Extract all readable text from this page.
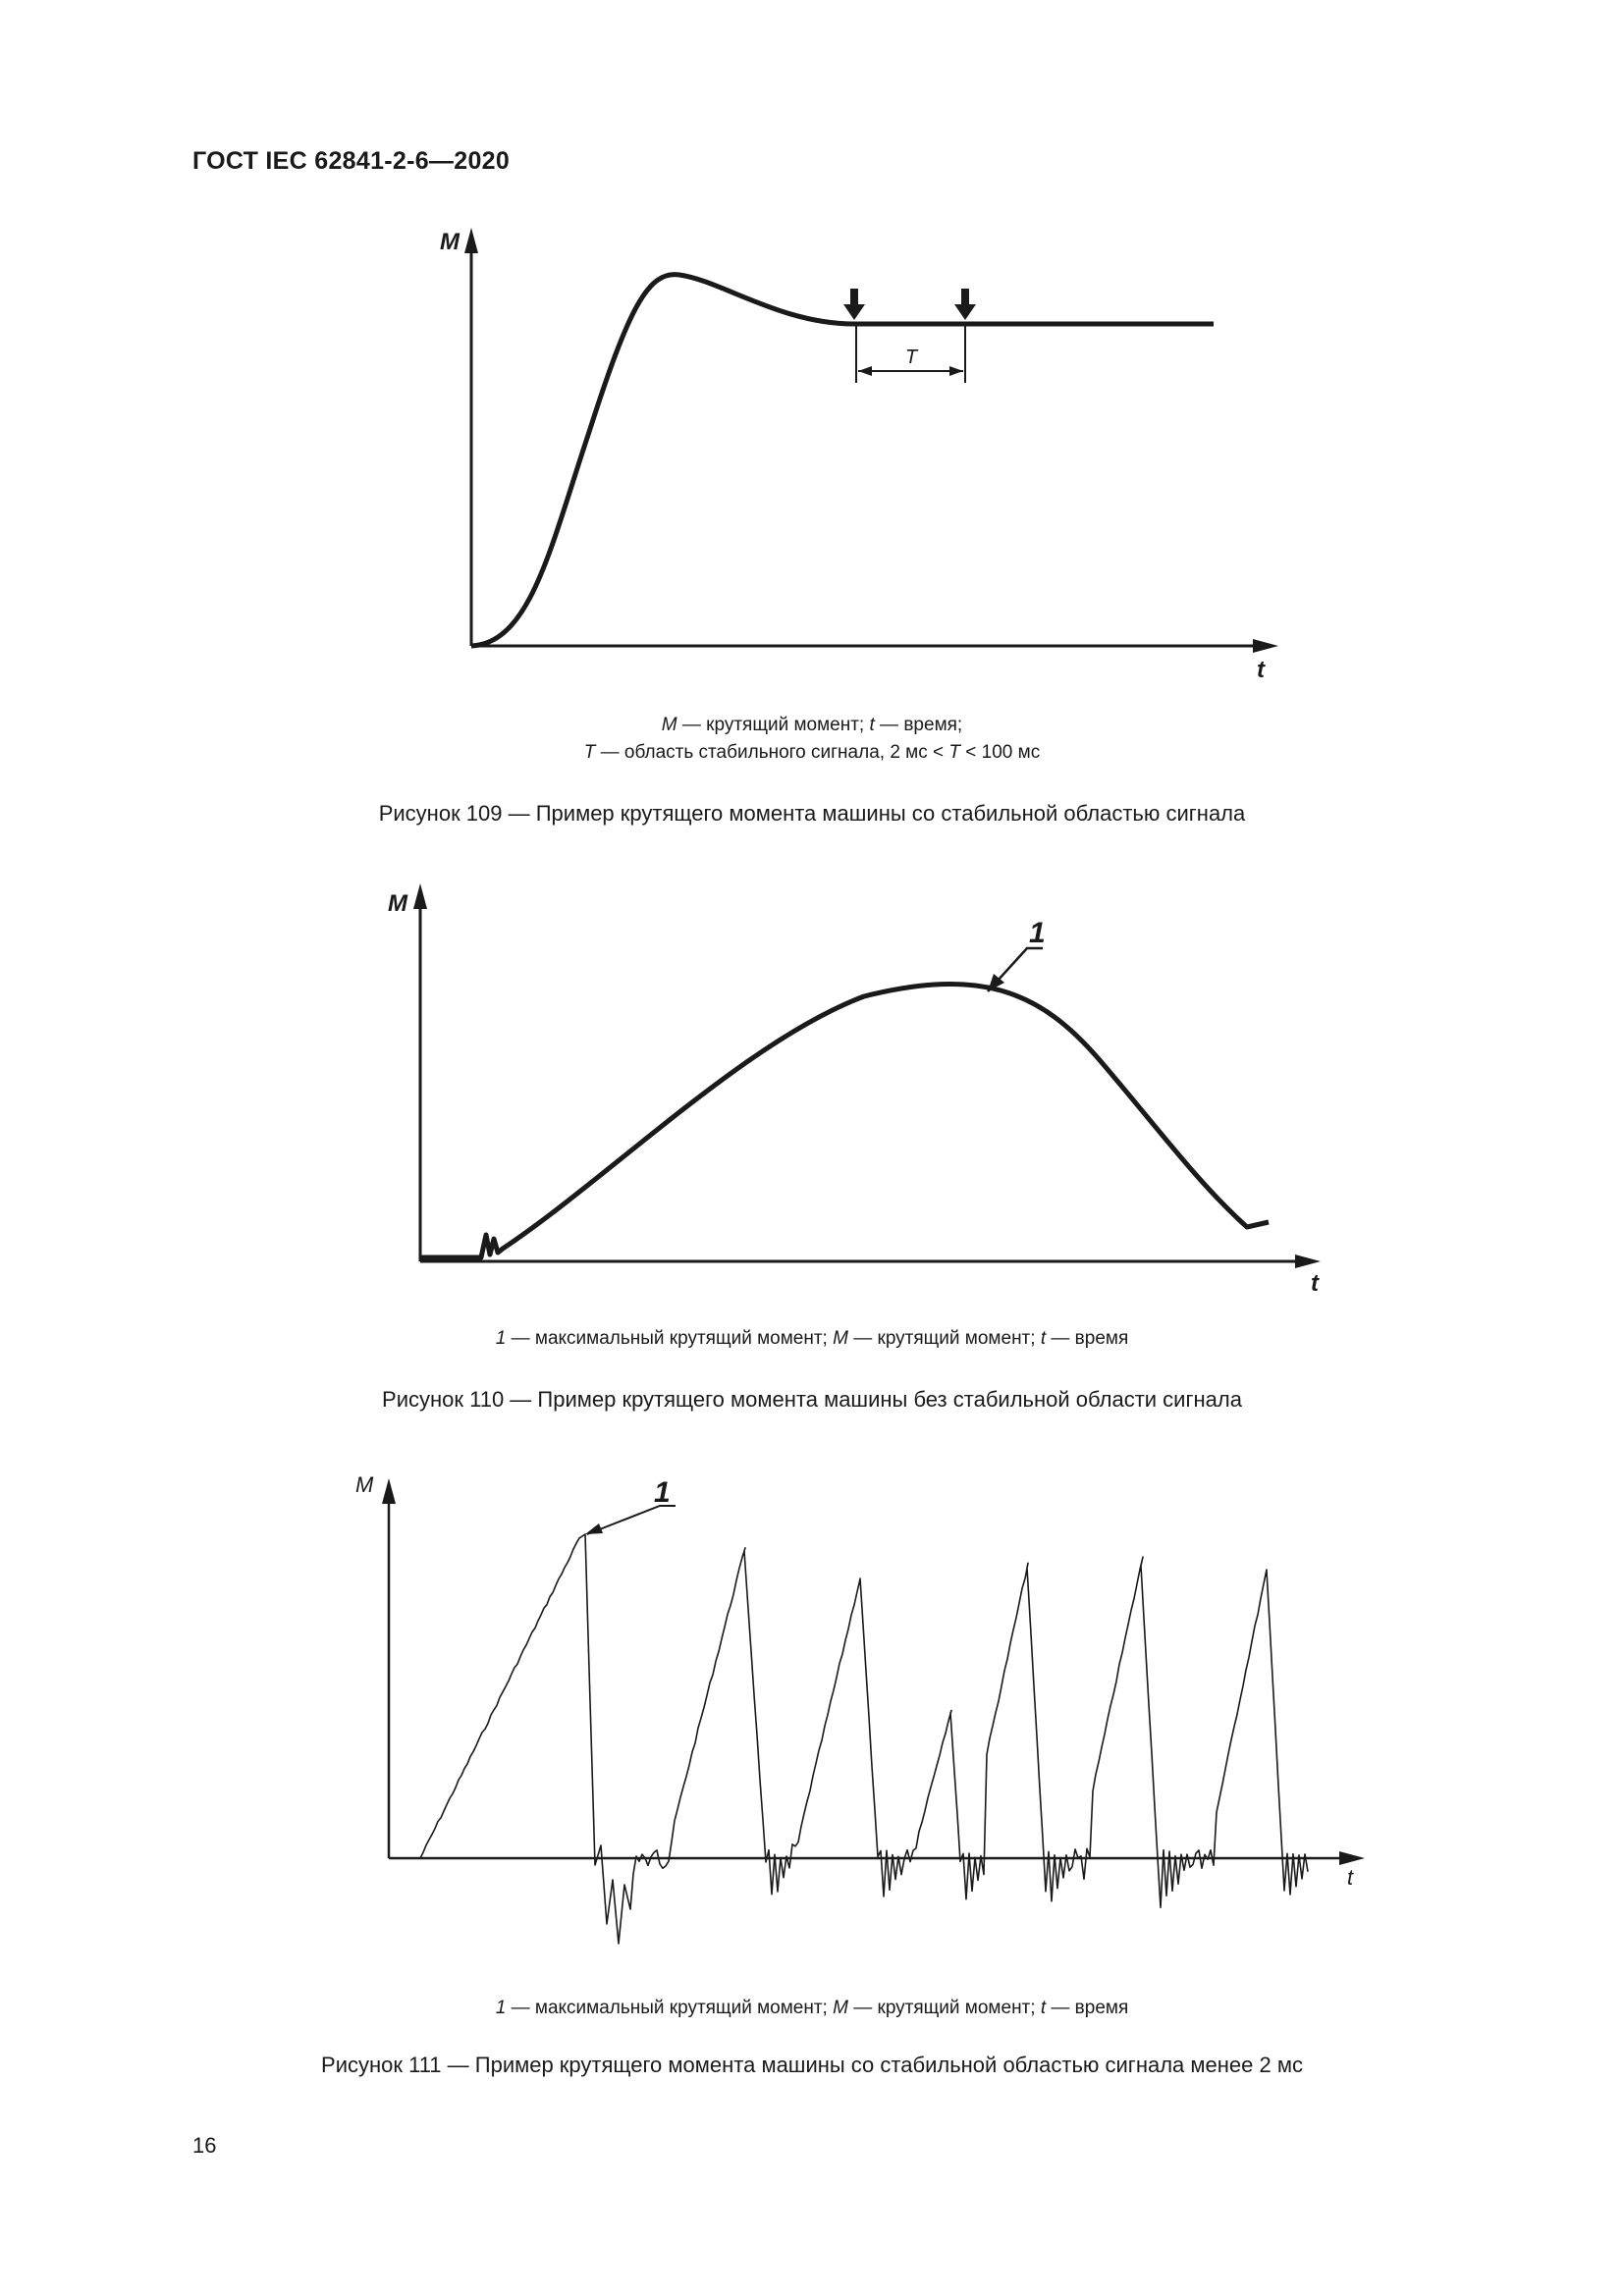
ГОСТ IEC 62841-2-6—2020
M
t
T
M — крутящий момент; t — время;
T — область стабильного сигнала, 2 мс < T < 100 мс
Рисунок 109 — Пример крутящего момента машины со стабильной областью сигнала
M
t
1
1 — максимальный крутящий момент; M — крутящий момент; t — время
Рисунок 110 — Пример крутящего момента машины без стабильной области сигнала
M
t
1
1 — максимальный крутящий момент; M — крутящий момент; t — время
Рисунок 111 — Пример крутящего момента машины со стабильной областью сигнала менее 2 мс
16
